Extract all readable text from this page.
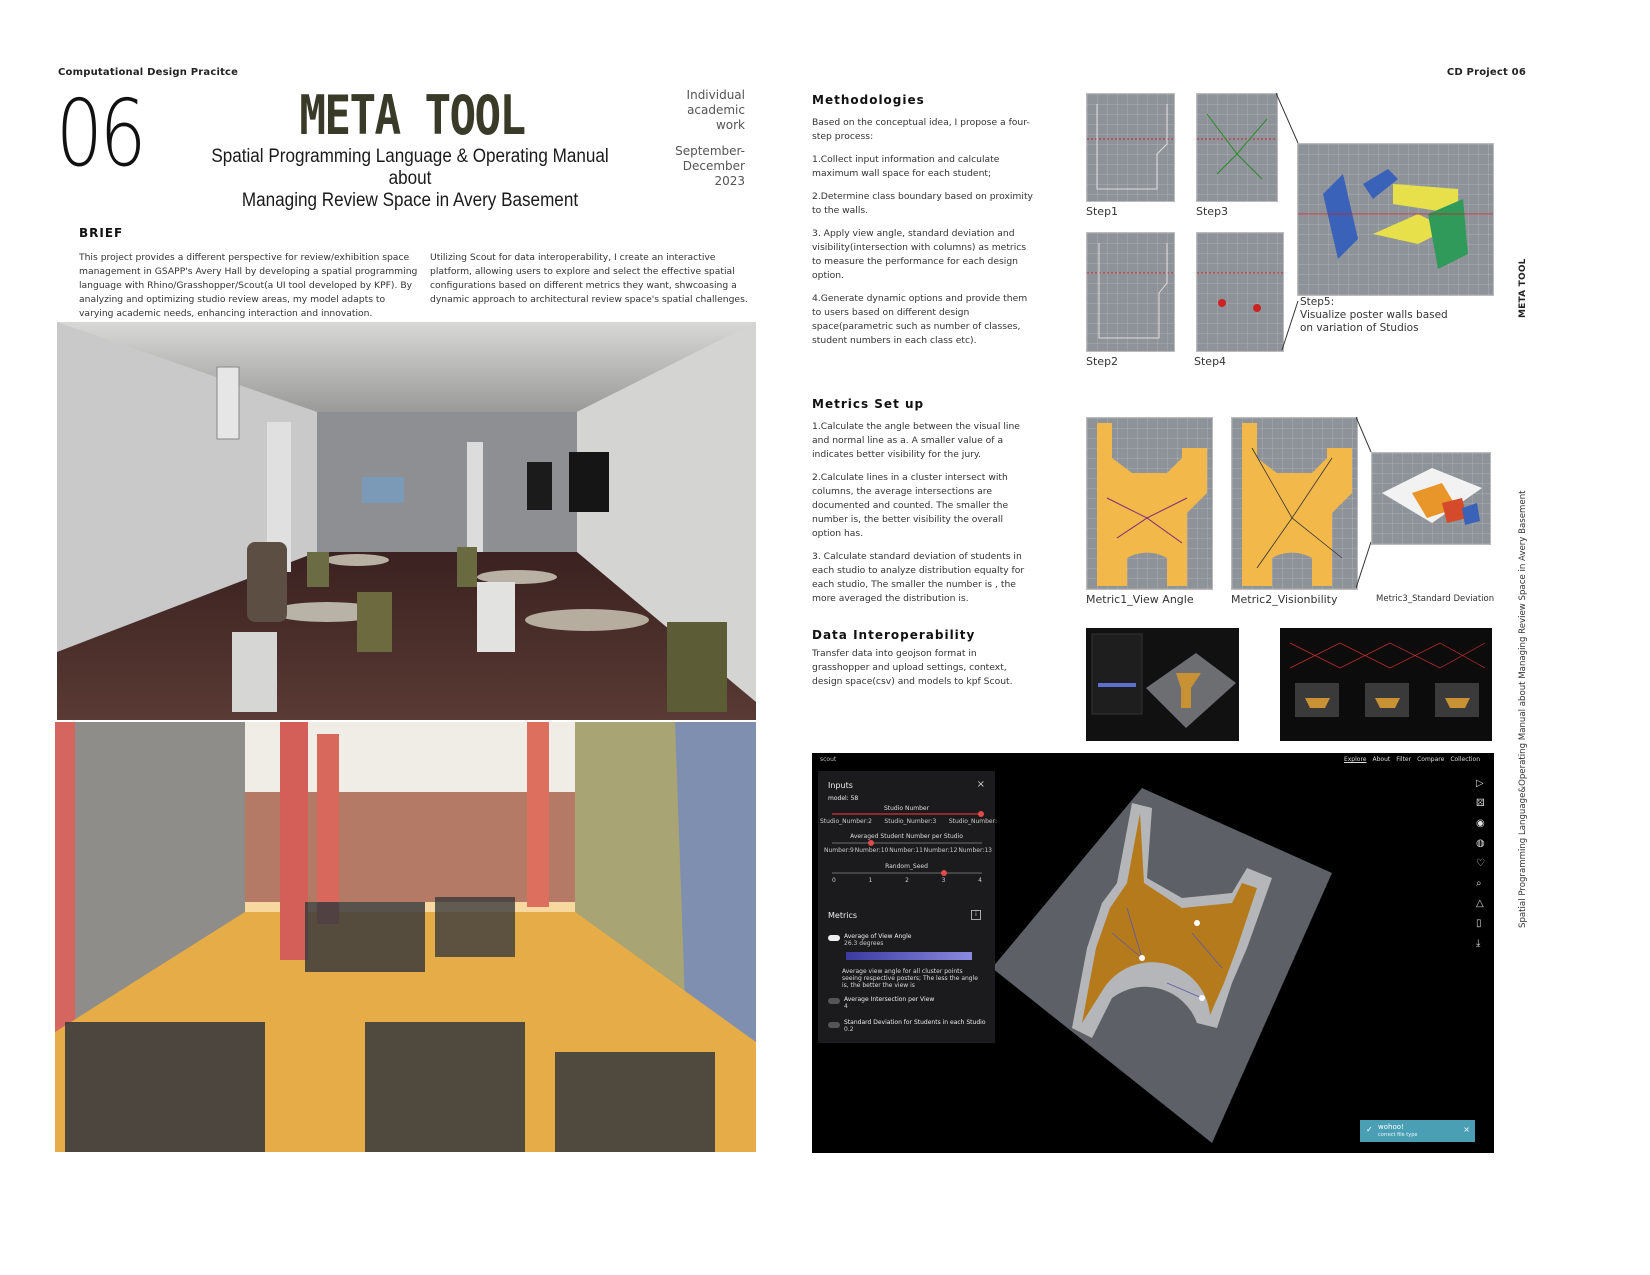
Computational Design Pracitce
06	META TOOL
Spatial Programming Language & Operating Manual about
Managing Review Space in Avery Basement
Individual
academic
work
September-
December
2023
BRIEF
This project provides a different perspective for review/exhibition space management in GSAPP's Avery Hall by developing a spatial programming language with Rhino/Grasshopper/Scout(a UI tool developed by KPF). By analyzing and optimizing studio review areas, my model adapts to varying academic needs, enhancing interaction and innovation.
Utilizing Scout for data interoperability, I create an interactive platform, allowing users to explore and select the effective spatial configurations based on different metrics they want, shwcoasing a dynamic approach to architectural review space's spatial challenges.
CD Project 06
META TOOL
Spatial Programming Language&Operating Manual about Managing Review Space in Avery Basement
Methodologies

Based on the conceptual idea, I propose a four-step process:

1.Collect input information and calculate maximum wall space for each student;

2.Determine class boundary based on proximity to the walls.

3. Apply view angle, standard deviation and visibility(intersection with columns) as metrics to measure the performance for each design option.

4.Generate dynamic options and provide them to users based on different design space(parametric such as number of classes, student numbers in each class etc).

Step1	Step3
Step2	Step4
Step5:
Visualize poster walls based on variation of Studios
Metrics Set up

1.Calculate the angle between the visual line and normal line as a. A smaller value of a indicates better visibility for the jury.

2.Calculate lines in a cluster intersect with columns, the average intersections are documented and counted. The smaller the number is, the better visibility the overall option has.

3. Calculate standard deviation of students in each studio to analyze distribution equalty for each studio, The smaller the number is , the more averaged the distribution is.	Metric1_View Angle	Metric2_Visionbility	Metric3_Standard Deviation
Data Interoperability
Transfer data into geojson format in grasshopper and upload settings, context, design space(csv) and models to kpf Scout.
scout	Explore About Filter Compare Collection
Inputs	×
model: 58
Studio Number
Studio_Number:2 Studio_Number:3 Studio_Number:
Averaged Student Number per Studio
Number:9 Number:10 Number:11 Number:12 Number:13
Random_Seed
0	1	2	3	4
Metrics	i
Average of View Angle
26.3 degrees
Average view angle for all cluster points seeing respective posters; The less the angle is, the better the view is
Average Intersection per View
4
Standard Deviation for Students in each Studio
0.2
▷
⚄
◉
◍
♡
⌕
△
▯
⤓
✓ wohoo!
correct file type
×
